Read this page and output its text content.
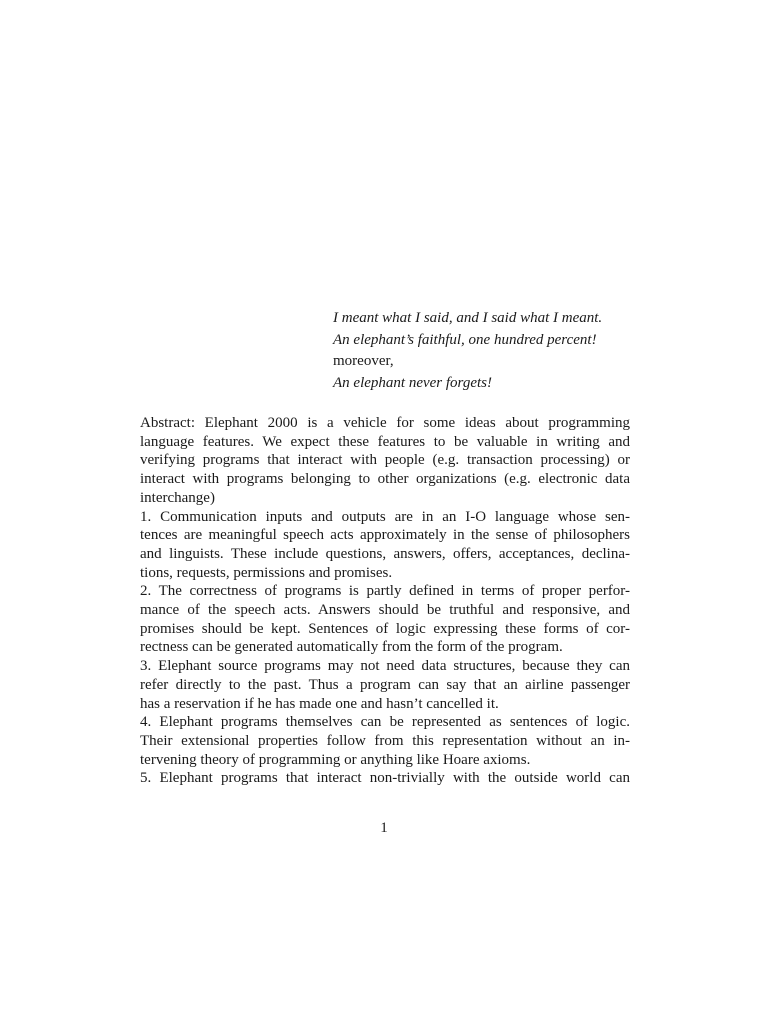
I meant what I said, and I said what I meant.
An elephant’s faithful, one hundred percent!
moreover,
An elephant never forgets!
Abstract: Elephant 2000 is a vehicle for some ideas about programming
language features. We expect these features to be valuable in writing and
verifying programs that interact with people (e.g. transaction processing) or
interact with programs belonging to other organizations (e.g. electronic data
interchange)
1. Communication inputs and outputs are in an I-O language whose sen-
tences are meaningful speech acts approximately in the sense of philosophers
and linguists. These include questions, answers, offers, acceptances, declina-
tions, requests, permissions and promises.
2. The correctness of programs is partly defined in terms of proper perfor-
mance of the speech acts. Answers should be truthful and responsive, and
promises should be kept. Sentences of logic expressing these forms of cor-
rectness can be generated automatically from the form of the program.
3. Elephant source programs may not need data structures, because they can
refer directly to the past. Thus a program can say that an airline passenger
has a reservation if he has made one and hasn’t cancelled it.
4. Elephant programs themselves can be represented as sentences of logic.
Their extensional properties follow from this representation without an in-
tervening theory of programming or anything like Hoare axioms.
5. Elephant programs that interact non-trivially with the outside world can
1
